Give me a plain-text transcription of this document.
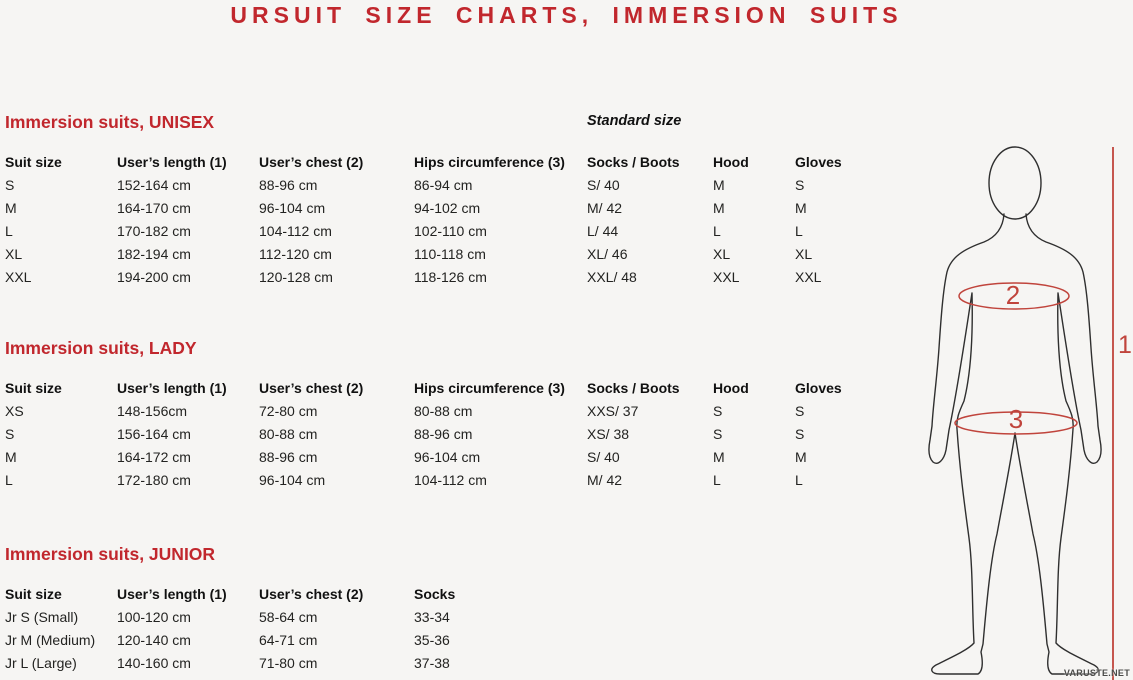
URSUIT SIZE CHARTS, IMMERSION SUITS
Standard size
Immersion suits, UNISEX
Suit size	User’s length (1)	User’s chest (2)	Hips circumference (3)	Socks / Boots	Hood	Gloves
S	152-164 cm	88-96 cm	86-94 cm	S/ 40	M	S
M	164-170 cm	96-104 cm	94-102 cm	M/ 42	M	M
L	170-182 cm	104-112 cm	102-110 cm	L/ 44	L	L
XL	182-194 cm	112-120 cm	110-118 cm	XL/ 46	XL	XL
XXL	194-200 cm	120-128 cm	118-126 cm	XXL/ 48	XXL	XXL
Immersion suits, LADY
Suit size	User’s length (1)	User’s chest (2)	Hips circumference (3)	Socks / Boots	Hood	Gloves
XS	148-156cm	72-80 cm	80-88 cm	XXS/ 37	S	S
S	156-164 cm	80-88 cm	88-96 cm	XS/ 38	S	S
M	164-172 cm	88-96 cm	96-104 cm	S/ 40	M	M
L	172-180 cm	96-104 cm	104-112 cm	M/ 42	L	L
Immersion suits, JUNIOR
Suit size	User’s length (1)	User’s chest (2)	Socks
Jr S (Small)	100-120 cm	58-64 cm	33-34
Jr M (Medium)	120-140 cm	64-71 cm	35-36
Jr L (Large)	140-160 cm	71-80 cm	37-38
2
3
1
VARUSTE.NET
